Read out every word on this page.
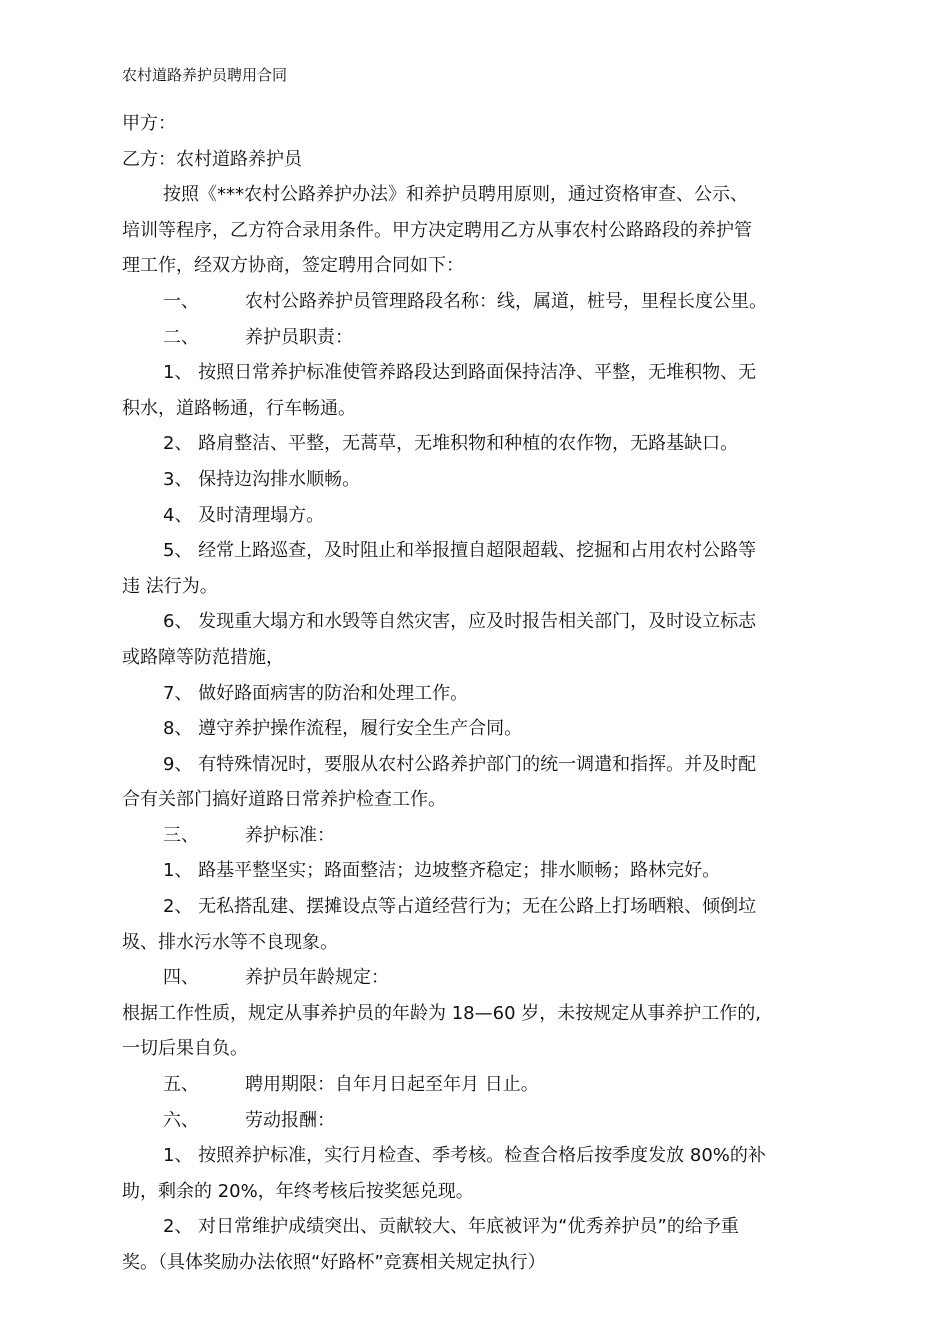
农村道路养护员聘用合同

甲方：

乙方：农村道路养护员

按照《***农村公路养护办法》和养护员聘用原则，通过资格审查、公示、

培训等程序，乙方符合录用条件。甲方决定聘用乙方从事农村公路路段的养护管

理工作，经双方协商，签定聘用合同如下：

一、	农村公路养护员管理路段名称：线，属道，桩号，里程长度公里。

二、	养护员职责：

1、 按照日常养护标准使管养路段达到路面保持洁净、平整，无堆积物、无

积水，道路畅通，行车畅通。

2、 路肩整洁、平整，无蒿草，无堆积物和种植的农作物，无路基缺口。

3、 保持边沟排水顺畅。

4、 及时清理塌方。

5、 经常上路巡查，及时阻止和举报擅自超限超载、挖掘和占用农村公路等

违 法行为。

6、 发现重大塌方和水毁等自然灾害，应及时报告相关部门，及时设立标志

或路障等防范措施，

7、 做好路面病害的防治和处理工作。

8、 遵守养护操作流程，履行安全生产合同。

9、 有特殊情况时，要服从农村公路养护部门的统一调遣和指挥。并及时配

合有关部门搞好道路日常养护检查工作。

三、	养护标准：

1、 路基平整坚实；路面整洁；边坡整齐稳定；排水顺畅；路林完好。

2、 无私搭乱建、摆摊设点等占道经营行为；无在公路上打场晒粮、倾倒垃

圾、排水污水等不良现象。

四、	养护员年龄规定：

根据工作性质，规定从事养护员的年龄为 18—60 岁，未按规定从事养护工作的,

一切后果自负。

五、	聘用期限：自年月日起至年月 日止。

六、	劳动报酬：

1、 按照养护标准，实行月检查、季考核。检查合格后按季度发放 80%的补

助，剩余的 20%，年终考核后按奖惩兑现。

2、 对日常维护成绩突出、贡献较大、年底被评为“优秀养护员”的给予重

奖。（具体奖励办法依照“好路杯”竞赛相关规定执行）
